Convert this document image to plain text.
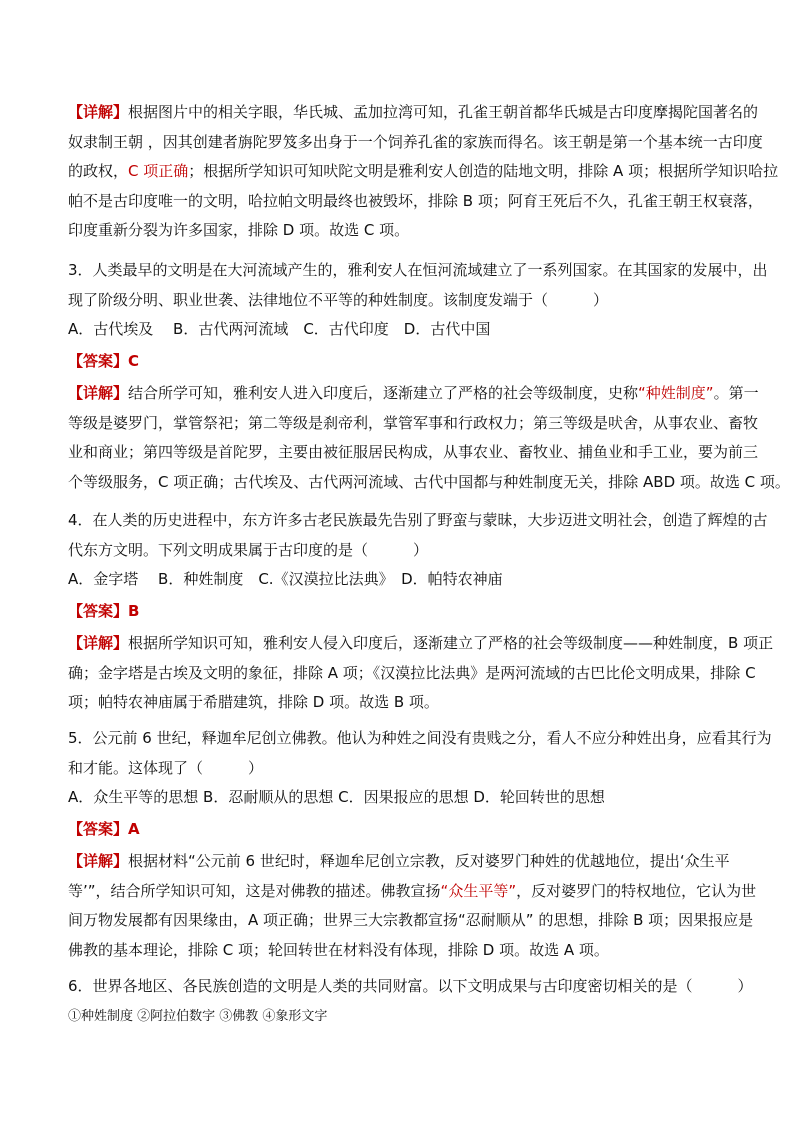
【详解】根据图片中的相关字眼，华氏城、孟加拉湾可知，孔雀王朝首都华氏城是古印度摩揭陀国著名的
奴隶制王朝 ，因其创建者旃陀罗笈多出身于一个饲养孔雀的家族而得名。该王朝是第一个基本统一古印度
的政权，C 项正确；根据所学知识可知吠陀文明是雅利安人创造的陆地文明，排除 A 项；根据所学知识哈拉
帕不是古印度唯一的文明，哈拉帕文明最终也被毁坏，排除 B 项；阿育王死后不久，孔雀王朝王权衰落，
印度重新分裂为许多国家，排除 D 项。故选 C 项。
3．人类最早的文明是在大河流域产生的，雅利安人在恒河流域建立了一系列国家。在其国家的发展中，出
现了阶级分明、职业世袭、法律地位不平等的种姓制度。该制度发端于（　　　）
A．古代埃及　 B．古代两河流域　C．古代印度　D．古代中国
【答案】C
【详解】结合所学可知，雅利安人进入印度后，逐渐建立了严格的社会等级制度，史称“种姓制度”。第一
等级是婆罗门，掌管祭祀；第二等级是刹帝利，掌管军事和行政权力；第三等级是吠舍，从事农业、畜牧
业和商业；第四等级是首陀罗，主要由被征服居民构成，从事农业、畜牧业、捕鱼业和手工业，要为前三
个等级服务，C 项正确；古代埃及、古代两河流域、古代中国都与种姓制度无关，排除 ABD 项。故选 C 项。
4．在人类的历史进程中，东方许多古老民族最先告别了野蛮与蒙昧，大步迈进文明社会，创造了辉煌的古
代东方文明。下列文明成果属于古印度的是（　　　）
A．金字塔　 B．种姓制度　C.《汉漠拉比法典》　D．帕特农神庙
【答案】B
【详解】根据所学知识可知，雅利安人侵入印度后，逐渐建立了严格的社会等级制度——种姓制度，B 项正
确；金字塔是古埃及文明的象征，排除 A 项；《汉漠拉比法典》是两河流域的古巴比伦文明成果，排除 C
项；帕特农神庙属于希腊建筑，排除 D 项。故选 B 项。
5．公元前 6 世纪，释迦牟尼创立佛教。他认为种姓之间没有贵贱之分，看人不应分种姓出身，应看其行为
和才能。这体现了（　　　）
A．众生平等的思想 B．忍耐顺从的思想 C．因果报应的思想 D．轮回转世的思想
【答案】A
【详解】根据材料“公元前 6 世纪时，释迦牟尼创立宗教，反对婆罗门种姓的优越地位，提出‘众生平
等’”，结合所学知识可知，这是对佛教的描述。佛教宣扬“众生平等”，反对婆罗门的特权地位，它认为世
间万物发展都有因果缘由，A 项正确；世界三大宗教都宣扬“忍耐顺从” 的思想，排除 B 项；因果报应是
佛教的基本理论，排除 C 项；轮回转世在材料没有体现，排除 D 项。故选 A 项。
6．世界各地区、各民族创造的文明是人类的共同财富。以下文明成果与古印度密切相关的是（　　　）
①种姓制度 ②阿拉伯数字 ③佛教 ④象形文字
